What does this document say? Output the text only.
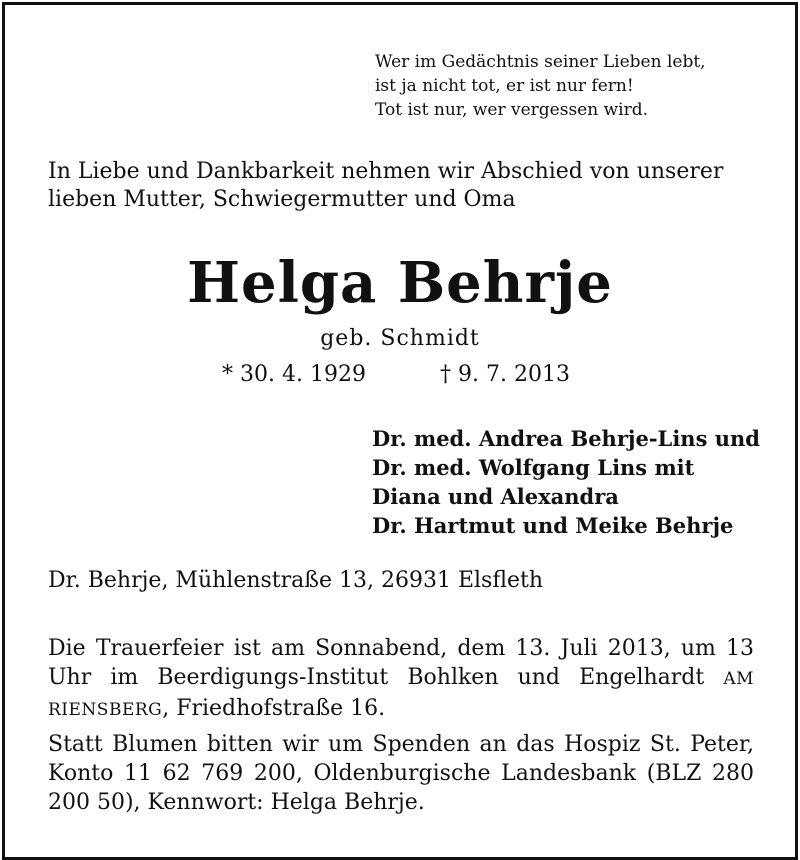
Wer im Gedächtnis seiner Lieben lebt,
ist ja nicht tot, er ist nur fern!
Tot ist nur, wer vergessen wird.
In Liebe und Dankbarkeit nehmen wir Abschied von unserer lieben Mutter, Schwiegermutter und Oma
Helga Behrje
geb. Schmidt
* 30. 4. 1929	† 9. 7. 2013
Dr. med. Andrea Behrje-Lins und
Dr. med. Wolfgang Lins mit
Diana und Alexandra
Dr. Hartmut und Meike Behrje
Dr. Behrje, Mühlenstraße 13, 26931 Elsfleth
Die Trauerfeier ist am Sonnabend, dem 13. Juli 2013, um 13 Uhr im Beerdigungs-Institut Bohlken und Engelhardt AM RIENSBERG, Friedhofstraße 16.
Statt Blumen bitten wir um Spenden an das Hospiz St. Peter, Konto 11 62 769 200, Oldenburgische Landesbank (BLZ 280 200 50), Kennwort: Helga Behrje.
